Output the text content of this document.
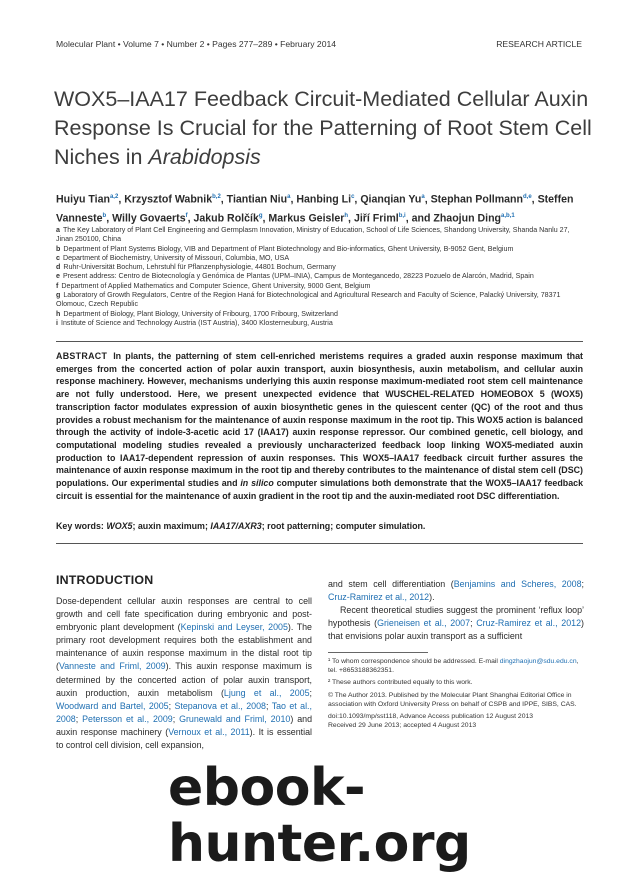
Molecular Plant • Volume 7 • Number 2 • Pages 277–289 • February 2014	RESEARCH ARTICLE
WOX5–IAA17 Feedback Circuit-Mediated Cellular Auxin Response Is Crucial for the Patterning of Root Stem Cell Niches in Arabidopsis
Huiyu Tian$^{a,2}$, Krzysztof Wabnik$^{b,2}$, Tiantian Niu$^a$, Hanbing Li$^c$, Qianqian Yu$^a$, Stephan Pollmann$^{d,e}$, Steffen Vanneste$^b$, Willy Govaerts$^f$, Jakub Rolčík$^g$, Markus Geisler$^h$, Jiří Friml$^{b,i}$, and Zhaojun Ding$^{a,b,1}$
a The Key Laboratory of Plant Cell Engineering and Germplasm Innovation, Ministry of Education, School of Life Sciences, Shandong University, Shanda Nanlu 27, Jinan 250100, China
b Department of Plant Systems Biology, VIB and Department of Plant Biotechnology and Bio-informatics, Ghent University, B-9052 Gent, Belgium
c Department of Biochemistry, University of Missouri, Columbia, MO, USA
d Ruhr-Universität Bochum, Lehrstuhl für Pflanzenphysiologie, 44801 Bochum, Germany
e Present address: Centro de Biotecnología y Genómica de Plantas (UPM–INIA), Campus de Montegancedo, 28223 Pozuelo de Alarcón, Madrid, Spain
f Department of Applied Mathematics and Computer Science, Ghent University, 9000 Gent, Belgium
g Laboratory of Growth Regulators, Centre of the Region Haná for Biotechnological and Agricultural Research and Faculty of Science, Palacký University, 78371 Olomouc, Czech Republic
h Department of Biology, Plant Biology, University of Fribourg, 1700 Fribourg, Switzerland
i Institute of Science and Technology Austria (IST Austria), 3400 Klosterneuburg, Austria
ABSTRACT In plants, the patterning of stem cell-enriched meristems requires a graded auxin response maximum that emerges from the concerted action of polar auxin transport, auxin biosynthesis, auxin metabolism, and cellular auxin response machinery. However, mechanisms underlying this auxin response maximum-mediated root stem cell maintenance are not fully understood. Here, we present unexpected evidence that WUSCHEL-RELATED HOMEOBOX 5 (WOX5) transcription factor modulates expression of auxin biosynthetic genes in the quiescent center (QC) of the root and thus provides a robust mechanism for the maintenance of auxin response maximum in the root tip. This WOX5 action is balanced through the activity of indole-3-acetic acid 17 (IAA17) auxin response repressor. Our combined genetic, cell biology, and computational modeling studies revealed a previously uncharacterized feedback loop linking WOX5-mediated auxin production to IAA17-dependent repression of auxin responses. This WOX5–IAA17 feedback circuit further assures the maintenance of auxin response maximum in the root tip and thereby contributes to the maintenance of distal stem cell (DSC) populations. Our experimental studies and in silico computer simulations both demonstrate that the WOX5–IAA17 feedback circuit is essential for the maintenance of auxin gradient in the root tip and the auxin-mediated root DSC differentiation.
Key words: WOX5; auxin maximum; IAA17/AXR3; root patterning; computer simulation.
INTRODUCTION

Dose-dependent cellular auxin responses are central to cell growth and cell fate specification during embryonic and post-embryonic plant development (Kepinski and Leyser, 2005). The primary root development requires both the establishment and maintenance of auxin response maximum in the distal root tip (Vanneste and Friml, 2009). This auxin response maximum is determined by the concerted action of polar auxin transport, auxin production, auxin metabolism (Ljung et al., 2005; Woodward and Bartel, 2005; Stepanova et al., 2008; Tao et al., 2008; Petersson et al., 2009; Grunewald and Friml, 2010) and auxin response machinery (Vernoux et al., 2011). It is essential to control cell division, cell expansion,

and stem cell differentiation (Benjamins and Scheres, 2008; Cruz-Ramirez et al., 2012).

Recent theoretical studies suggest the prominent ‘reflux loop’ hypothesis (Grieneisen et al., 2007; Cruz-Ramirez et al., 2012) that envisions polar auxin transport as a sufficient

¹ To whom correspondence should be addressed. E-mail dingzhaojun@sdu.edu.cn, tel. +8653188362351.

² These authors contributed equally to this work.

© The Author 2013. Published by the Molecular Plant Shanghai Editorial Office in association with Oxford University Press on behalf of CSPB and IPPE, SIBS, CAS.

doi:10.1093/mp/sst118, Advance Access publication 12 August 2013

Received 29 June 2013; accepted 4 August 2013

ebook-hunter.org
